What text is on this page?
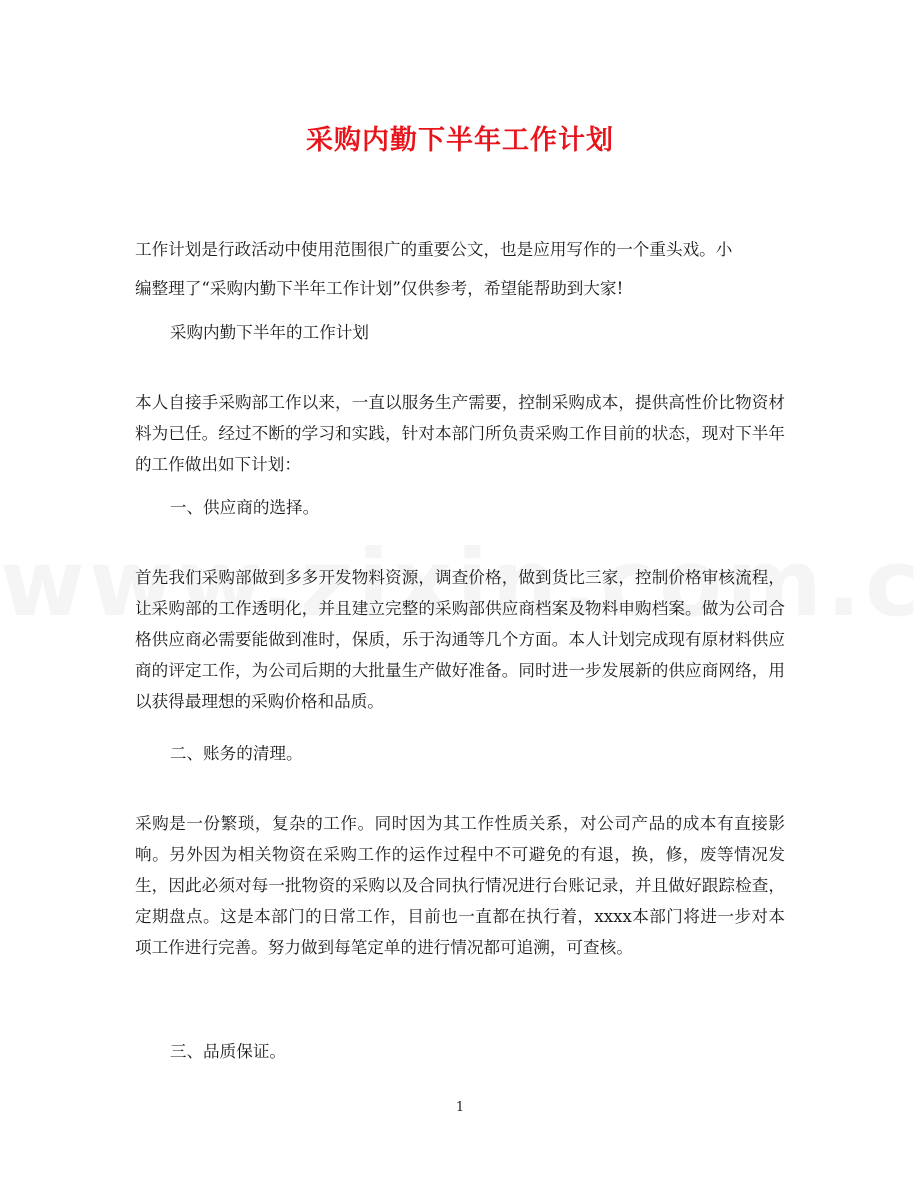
采购内勤下半年工作计划

工作计划是行政活动中使用范围很广的重要公文，也是应用写作的一个重头戏。小

编整理了“采购内勤下半年工作计划”仅供参考，希望能帮助到大家!

采购内勤下半年的工作计划

本人自接手采购部工作以来，一直以服务生产需要，控制采购成本，提供高性价比物资材料为已任。经过不断的学习和实践，针对本部门所负责采购工作目前的状态，现对下半年的工作做出如下计划：

一、供应商的选择。

首先我们采购部做到多多开发物料资源，调查价格，做到货比三家，控制价格审核流程，让采购部的工作透明化，并且建立完整的采购部供应商档案及物料申购档案。做为公司合格供应商必需要能做到准时，保质，乐于沟通等几个方面。本人计划完成现有原材料供应商的评定工作，为公司后期的大批量生产做好准备。同时进一步发展新的供应商网络，用以获得最理想的采购价格和品质。

二、账务的清理。

采购是一份繁琐，复杂的工作。同时因为其工作性质关系，对公司产品的成本有直接影响。另外因为相关物资在采购工作的运作过程中不可避免的有退，换，修，废等情况发生，因此必须对每一批物资的采购以及合同执行情况进行台账记录，并且做好跟踪检查，定期盘点。这是本部门的日常工作，目前也一直都在执行着，xxxx本部门将进一步对本项工作进行完善。努力做到每笔定单的进行情况都可追溯，可查核。

三、品质保证。

1
